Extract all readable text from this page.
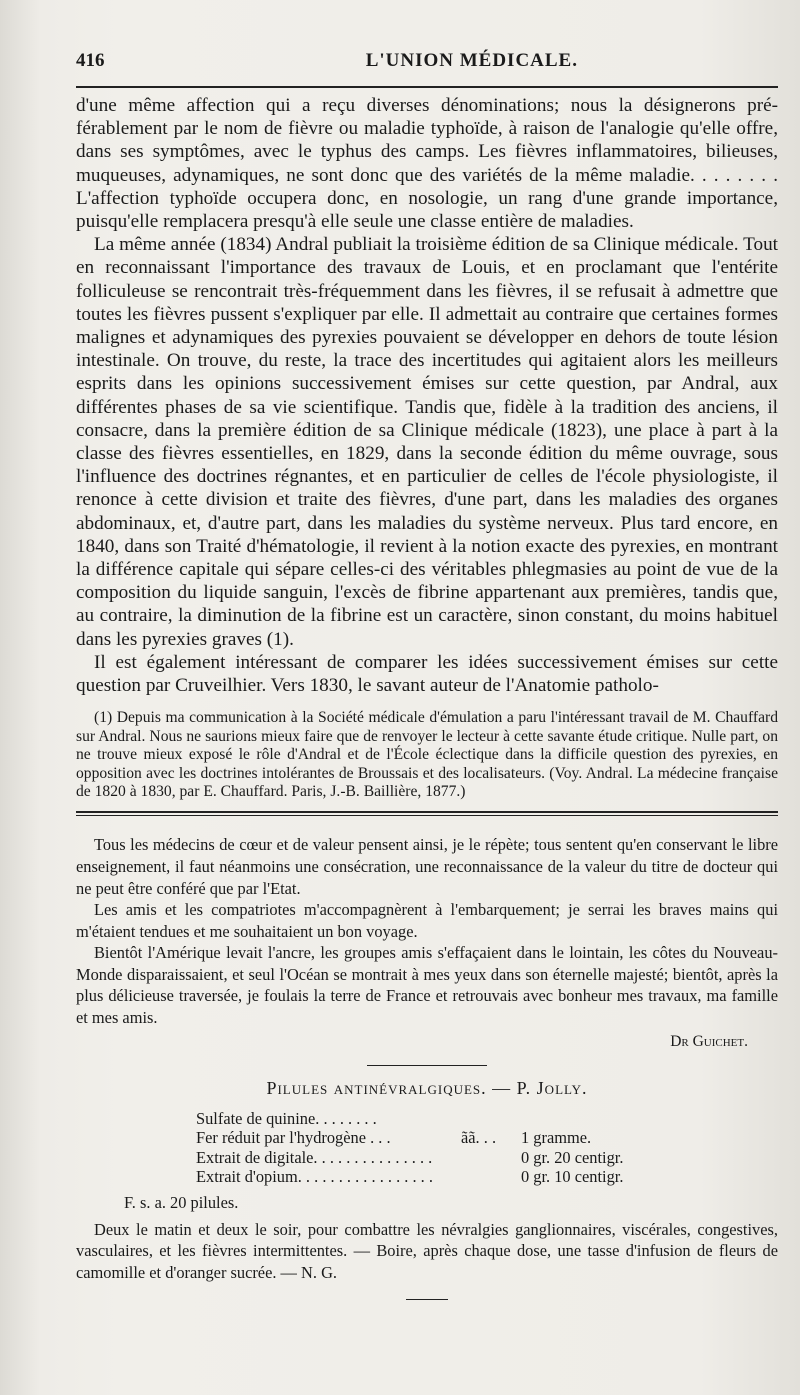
416	L'UNION MÉDICALE.

d'une même affection qui a reçu diverses dénominations; nous la désignerons préférablement par le nom de fièvre ou maladie typhoïde, à raison de l'analogie qu'elle offre, dans ses symptômes, avec le typhus des camps. Les fièvres inflammatoires, bilieuses, muqueuses, adynamiques, ne sont donc que des variétés de la même maladie. . . . . . . . L'affection typhoïde occupera donc, en nosologie, un rang d'une grande importance, puisqu'elle remplacera presqu'à elle seule une classe entière de maladies.

La même année (1834) Andral publiait la troisième édition de sa Clinique médicale. Tout en reconnaissant l'importance des travaux de Louis, et en proclamant que l'entérite folliculeuse se rencontrait très-fréquemment dans les fièvres, il se refusait à admettre que toutes les fièvres pussent s'expliquer par elle. Il admettait au contraire que certaines formes malignes et adynamiques des pyrexies pouvaient se développer en dehors de toute lésion intestinale. On trouve, du reste, la trace des incertitudes qui agitaient alors les meilleurs esprits dans les opinions successivement émises sur cette question, par Andral, aux différentes phases de sa vie scientifique. Tandis que, fidèle à la tradition des anciens, il consacre, dans la première édition de sa Clinique médicale (1823), une place à part à la classe des fièvres essentielles, en 1829, dans la seconde édition du même ouvrage, sous l'influence des doctrines régnantes, et en particulier de celles de l'école physiologiste, il renonce à cette division et traite des fièvres, d'une part, dans les maladies des organes abdominaux, et, d'autre part, dans les maladies du système nerveux. Plus tard encore, en 1840, dans son Traité d'hématologie, il revient à la notion exacte des pyrexies, en montrant la différence capitale qui sépare celles-ci des véritables phlegmasies au point de vue de la composition du liquide sanguin, l'excès de fibrine appartenant aux premières, tandis que, au contraire, la diminution de la fibrine est un caractère, sinon constant, du moins habituel dans les pyrexies graves (1).

Il est également intéressant de comparer les idées successivement émises sur cette question par Cruveilhier. Vers 1830, le savant auteur de l'Anatomie patholo-

(1) Depuis ma communication à la Société médicale d'émulation a paru l'intéressant travail de M. Chauffard sur Andral. Nous ne saurions mieux faire que de renvoyer le lecteur à cette savante étude critique. Nulle part, on ne trouve mieux exposé le rôle d'Andral et de l'École éclectique dans la difficile question des pyrexies, en opposition avec les doctrines intolérantes de Broussais et des localisateurs. (Voy. Andral. La médecine française de 1820 à 1830, par E. Chauffard. Paris, J.-B. Baillière, 1877.)

Tous les médecins de cœur et de valeur pensent ainsi, je le répète; tous sentent qu'en conservant le libre enseignement, il faut néanmoins une consécration, une reconnaissance de la valeur du titre de docteur qui ne peut être conféré que par l'Etat.

Les amis et les compatriotes m'accompagnèrent à l'embarquement; je serrai les braves mains qui m'étaient tendues et me souhaitaient un bon voyage.

Bientôt l'Amérique levait l'ancre, les groupes amis s'effaçaient dans le lointain, les côtes du Nouveau-Monde disparaissaient, et seul l'Océan se montrait à mes yeux dans son éternelle majesté; bientôt, après la plus délicieuse traversée, je foulais la terre de France et retrouvais avec bonheur mes travaux, ma famille et mes amis.

Dr Guichet.
Pilules antinévralgiques. — P. Jolly.
Sulfate de quinine. . . . . . . .
Fer réduit par l'hydrogène . . .	ãã. . .	1 gramme.
Extrait de digitale. . . . . . . . . . . . . . .	0 gr. 20 centigr.
Extrait d'opium. . . . . . . . . . . . . . . . .	0 gr. 10 centigr.
F. s. a. 20 pilules.

Deux le matin et deux le soir, pour combattre les névralgies ganglionnaires, viscérales, congestives, vasculaires, et les fièvres intermittentes. — Boire, après chaque dose, une tasse d'infusion de fleurs de camomille et d'oranger sucrée. — N. G.
